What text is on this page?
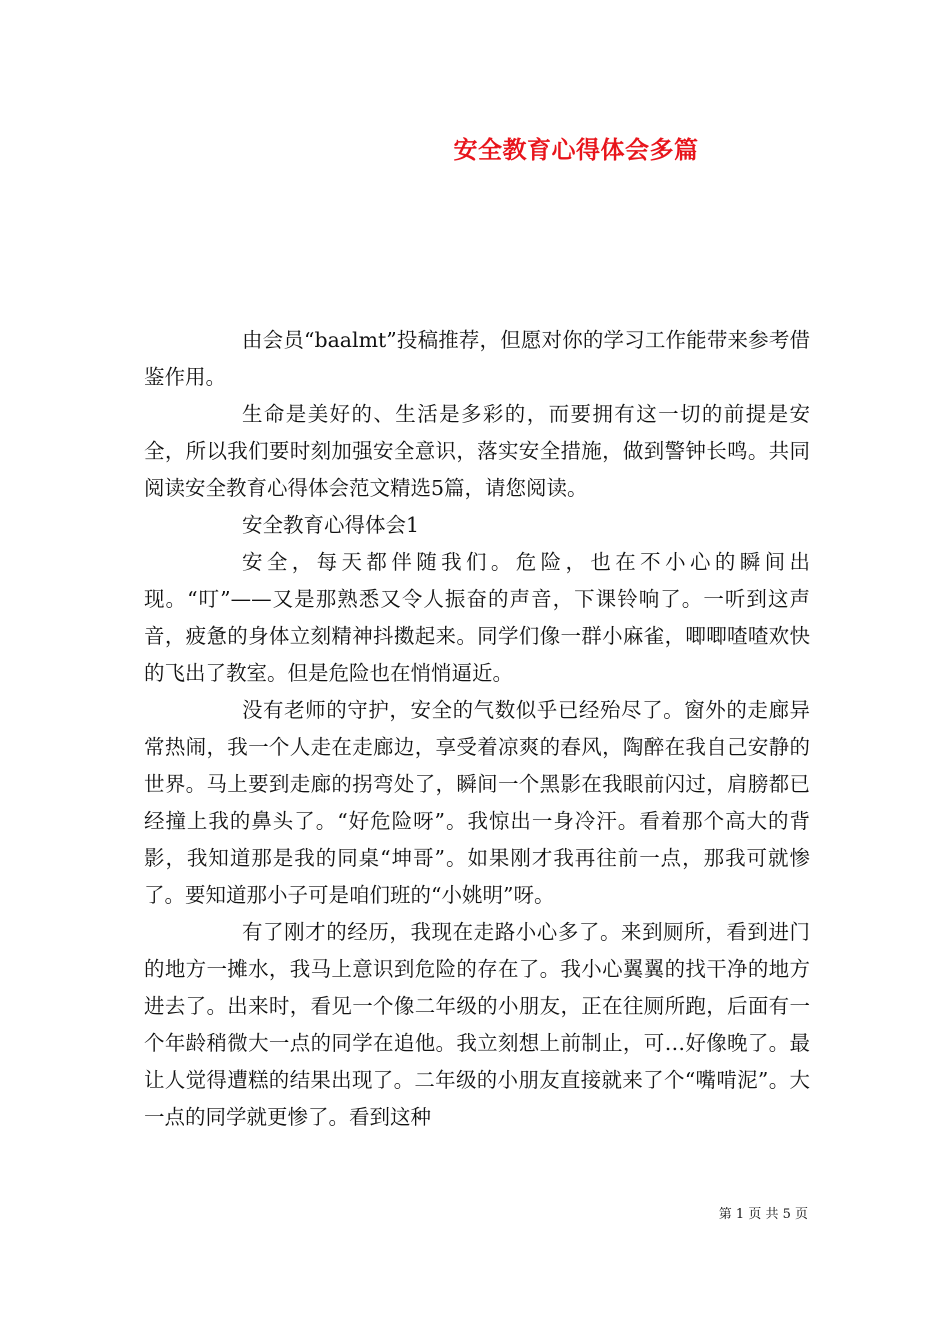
安全教育心得体会多篇

由会员“baalmt”投稿推荐，但愿对你的学习工作能带来参考借鉴作用。

生命是美好的、生活是多彩的，而要拥有这一切的前提是安全，所以我们要时刻加强安全意识，落实安全措施，做到警钟长鸣。共同阅读安全教育心得体会范文精选5篇，请您阅读。

安全教育心得体会1

安全，每天都伴随我们。危险，也在不小心的瞬间出现。“叮”——又是那熟悉又令人振奋的声音，下课铃响了。一听到这声音，疲惫的身体立刻精神抖擞起来。同学们像一群小麻雀，唧唧喳喳欢快的飞出了教室。但是危险也在悄悄逼近。

没有老师的守护，安全的气数似乎已经殆尽了。窗外的走廊异常热闹，我一个人走在走廊边，享受着凉爽的春风，陶醉在我自己安静的世界。马上要到走廊的拐弯处了，瞬间一个黑影在我眼前闪过，肩膀都已经撞上我的鼻头了。“好危险呀”。我惊出一身冷汗。看着那个高大的背影，我知道那是我的同桌“坤哥”。如果刚才我再往前一点，那我可就惨了。要知道那小子可是咱们班的“小姚明”呀。

有了刚才的经历，我现在走路小心多了。来到厕所，看到进门的地方一摊水，我马上意识到危险的存在了。我小心翼翼的找干净的地方进去了。出来时，看见一个像二年级的小朋友，正在往厕所跑，后面有一个年龄稍微大一点的同学在追他。我立刻想上前制止，可…好像晚了。最让人觉得遭糕的结果出现了。二年级的小朋友直接就来了个“嘴啃泥”。大一点的同学就更惨了。看到这种

第 1 页 共 5 页
